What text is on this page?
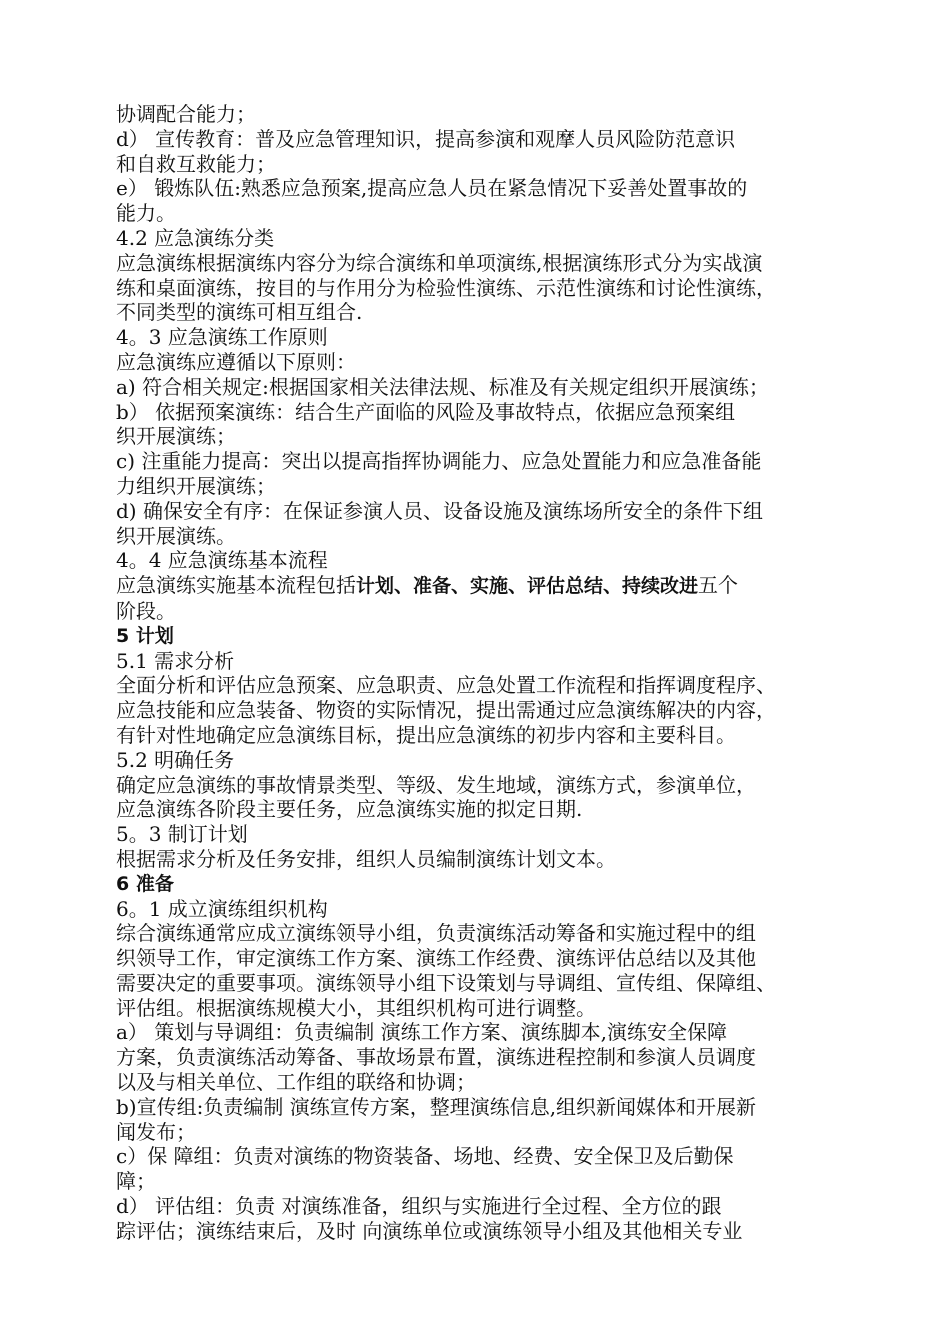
协调配合能力；

d） 宣传教育：普及应急管理知识，提高参演和观摩人员风险防范意识

和自救互救能力；

e） 锻炼队伍:熟悉应急预案,提高应急人员在紧急情况下妥善处置事故的

能力。

4.2 应急演练分类

应急演练根据演练内容分为综合演练和单项演练,根据演练形式分为实战演

练和桌面演练，按目的与作用分为检验性演练、示范性演练和讨论性演练，

不同类型的演练可相互组合.

4。3 应急演练工作原则

应急演练应遵循以下原则：

a) 符合相关规定:根据国家相关法律法规、标准及有关规定组织开展演练；

b） 依据预案演练：结合生产面临的风险及事故特点，依据应急预案组

织开展演练；

c) 注重能力提高：突出以提高指挥协调能力、应急处置能力和应急准备能

力组织开展演练；

d) 确保安全有序：在保证参演人员、设备设施及演练场所安全的条件下组

织开展演练。

4。4 应急演练基本流程

应急演练实施基本流程包括计划、准备、实施、评估总结、持续改进五个

阶段。

5 计划

5.1 需求分析

全面分析和评估应急预案、应急职责、应急处置工作流程和指挥调度程序、

应急技能和应急装备、物资的实际情况，提出需通过应急演练解决的内容，

有针对性地确定应急演练目标，提出应急演练的初步内容和主要科目。

5.2 明确任务

确定应急演练的事故情景类型、等级、发生地域，演练方式，参演单位，

应急演练各阶段主要任务，应急演练实施的拟定日期.

5。3 制订计划

根据需求分析及任务安排，组织人员编制演练计划文本。

6 准备

6。1 成立演练组织机构

综合演练通常应成立演练领导小组，负责演练活动筹备和实施过程中的组

织领导工作，审定演练工作方案、演练工作经费、演练评估总结以及其他

需要决定的重要事项。演练领导小组下设策划与导调组、宣传组、保障组、

评估组。根据演练规模大小，其组织机构可进行调整。

a） 策划与导调组：负责编制 演练工作方案、演练脚本,演练安全保障

方案，负责演练活动筹备、事故场景布置，演练进程控制和参演人员调度

以及与相关单位、工作组的联络和协调；

b)宣传组:负责编制 演练宣传方案，整理演练信息,组织新闻媒体和开展新

闻发布；

c）保 障组：负责对演练的物资装备、场地、经费、安全保卫及后勤保

障；

d） 评估组：负责 对演练准备，组织与实施进行全过程、全方位的跟

踪评估；演练结束后，及时 向演练单位或演练领导小组及其他相关专业
